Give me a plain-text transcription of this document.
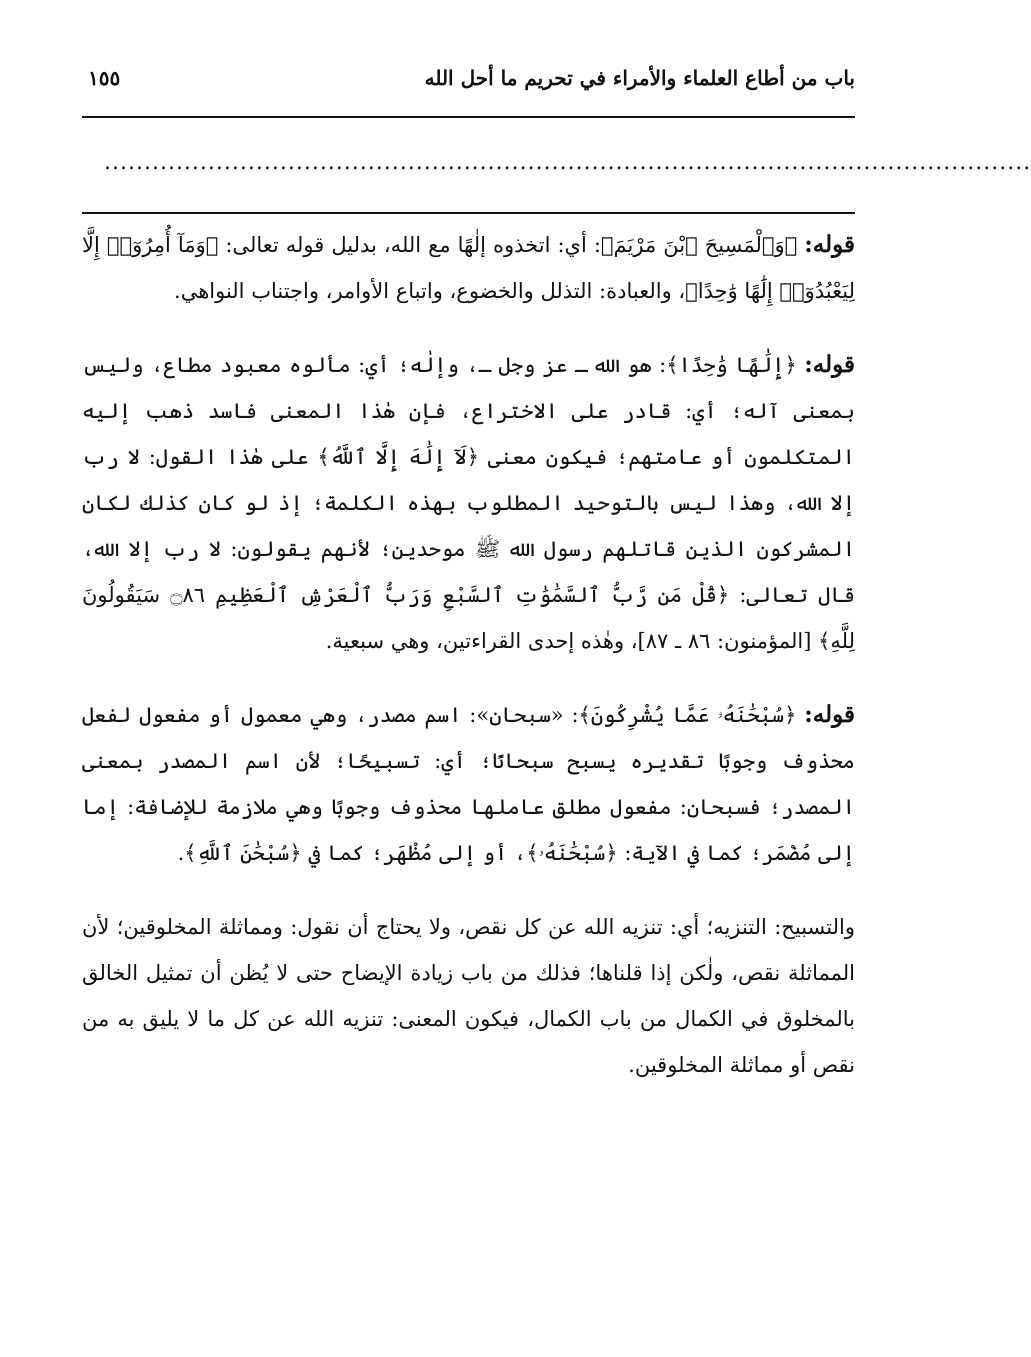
باب من أطاع العلماء والأمراء في تحريم ما أحل الله
١٥٥
....................................................................................................................

قوله: ﴿وَٱلْمَسِيحَ ٱبْنَ مَرْيَمَ﴾: أي: اتخذوه إلٰهًا مع الله، بدليل قوله تعالى: ﴿وَمَآ أُمِرُوٓا۟ إِلَّا لِيَعْبُدُوٓا۟ إِلَٰهًا وَٰحِدًا﴾، والعبادة: التذلل والخضوع، واتباع الأوامر، واجتناب النواهي.

قوله: ﴿إِلَٰهًا وَٰحِدًا﴾: هو الله ـ عز وجل ـ، وإلٰه؛ أي: مألوه معبود مطاع، وليس بمعنى آله؛ أي: قادر على الاختراع، فإن هٰذا المعنى فاسد ذهب إليه المتكلمون أو عامتهم؛ فيكون معنى ﴿لَآ إِلَٰهَ إِلَّا ٱللَّهُ﴾ على هٰذا القول: لا رب إلا الله، وهذا ليس بالتوحيد المطلوب بهذه الكلمة؛ إذ لو كان كذلك لكان المشركون الذين قاتلهم رسول الله ﷺ موحدين؛ لأنهم يقولون: لا رب إلا الله، قال تعالى: ﴿قُلْ مَن رَّبُّ ٱلسَّمَٰوَٰتِ ٱلسَّبْعِ وَرَبُّ ٱلْعَرْشِ ٱلْعَظِيمِ ۝٨٦ سَيَقُولُونَ لِلَّهِ﴾ [المؤمنون: ٨٦ ـ ٨٧]، وهٰذه إحدى القراءتين، وهي سبعية.

قوله: ﴿سُبْحَٰنَهُۥ عَمَّا يُشْرِكُونَ﴾: «سبحان»: اسم مصدر، وهي معمول أو مفعول لفعل محذوف وجوبًا تقديره يسبح سبحانًا؛ أي: تسبيحًا؛ لأن اسم المصدر بمعنى المصدر؛ فسبحان: مفعول مطلق عاملها محذوف وجوبًا وهي ملازمة للإضافة: إما إلى مُضْمَر؛ كما في الآية: ﴿سُبْحَٰنَهُۥ﴾، أو إلى مُظْهَر؛ كما في ﴿سُبْحَٰنَ ٱللَّهِ﴾.

والتسبيح: التنزيه؛ أي: تنزيه الله عن كل نقص، ولا يحتاج أن نقول: ومماثلة المخلوقين؛ لأن المماثلة نقص، ولٰكن إذا قلناها؛ فذلك من باب زيادة الإيضاح حتى لا يُظن أن تمثيل الخالق بالمخلوق في الكمال من باب الكمال، فيكون المعنى: تنزيه الله عن كل ما لا يليق به من نقص أو مماثلة المخلوقين.
